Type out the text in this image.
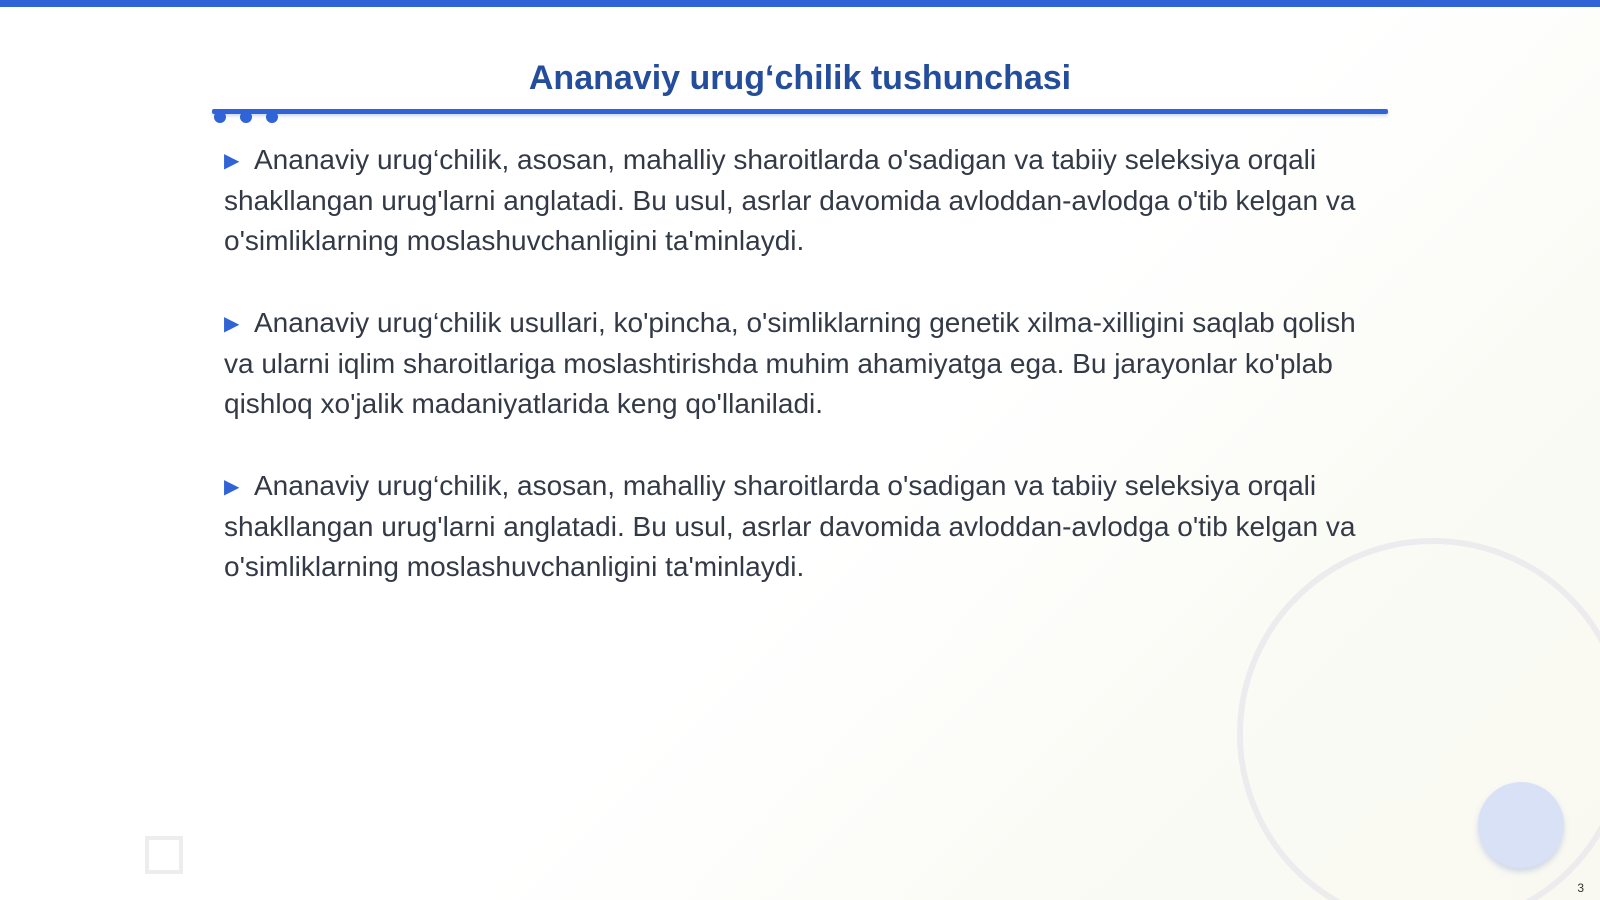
Ananaviy urug‘chilik tushunchasi

▶ Ananaviy urug‘chilik, asosan, mahalliy sharoitlarda o'sadigan va tabiiy seleksiya orqali shakllangan urug'larni anglatadi. Bu usul, asrlar davomida avloddan-avlodga o'tib kelgan va o'simliklarning moslashuvchanligini ta'minlaydi.

▶ Ananaviy urug‘chilik usullari, ko'pincha, o'simliklarning genetik xilma-xilligini saqlab qolish va ularni iqlim sharoitlariga moslashtirishda muhim ahamiyatga ega. Bu jarayonlar ko'plab qishloq xo'jalik madaniyatlarida keng qo'llaniladi.

▶ Ananaviy urug‘chilik, asosan, mahalliy sharoitlarda o'sadigan va tabiiy seleksiya orqali shakllangan urug'larni anglatadi. Bu usul, asrlar davomida avloddan-avlodga o'tib kelgan va o'simliklarning moslashuvchanligini ta'minlaydi.

3
